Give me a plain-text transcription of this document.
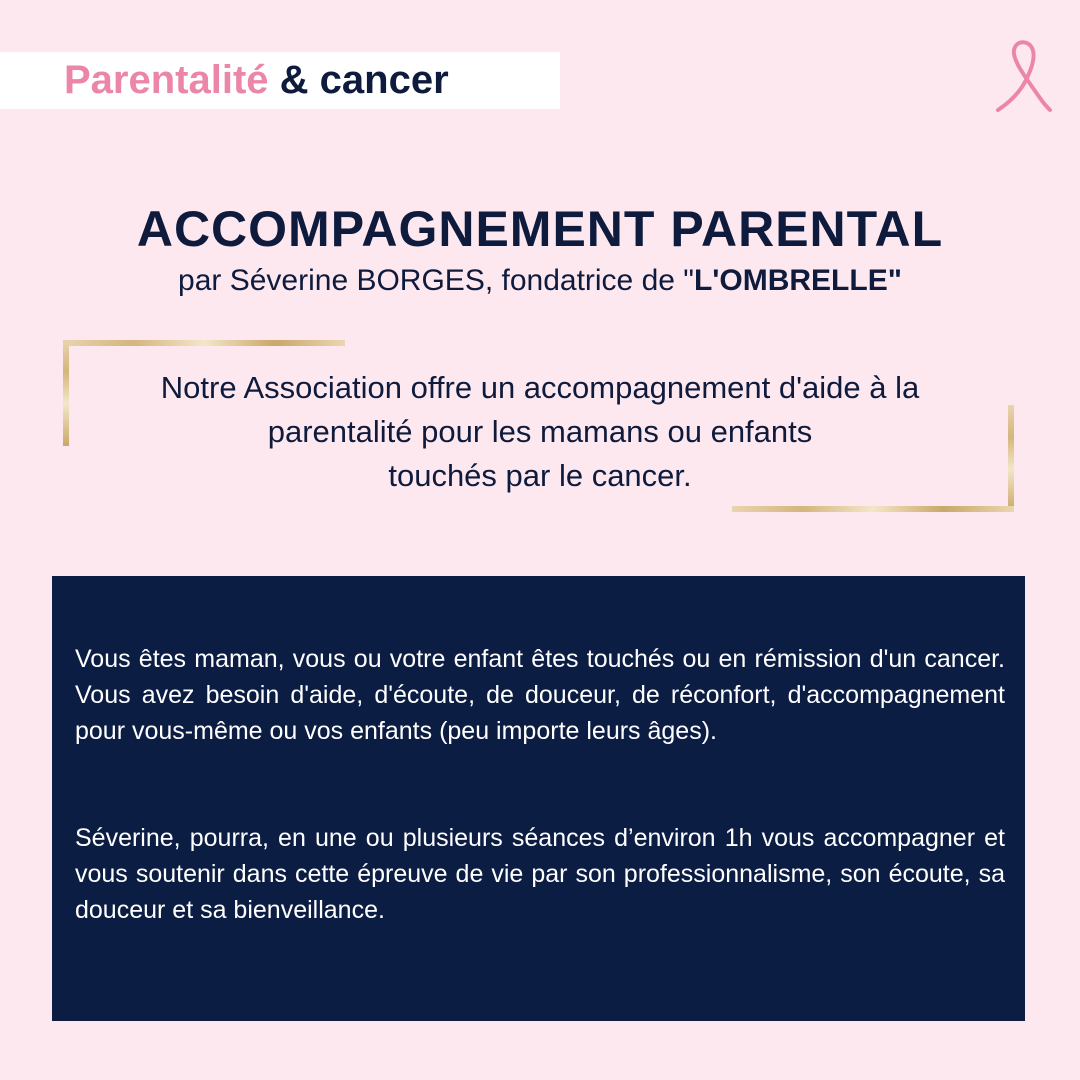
Parentalité & cancer
ACCOMPAGNEMENT PARENTAL
par Séverine BORGES, fondatrice de "L'OMBRELLE"
Notre Association offre un accompagnement d'aide à la
parentalité pour les mamans ou enfants
touchés par le cancer.
Vous êtes maman, vous ou votre enfant êtes touchés ou en rémission d'un cancer. Vous avez besoin d'aide, d'écoute, de douceur, de réconfort, d'accompagnement pour vous-même ou vos enfants (peu importe leurs âges).
Séverine, pourra, en une ou plusieurs séances d’environ 1h vous accompagner et vous soutenir dans cette épreuve de vie par son professionnalisme, son écoute, sa douceur et sa bienveillance.
